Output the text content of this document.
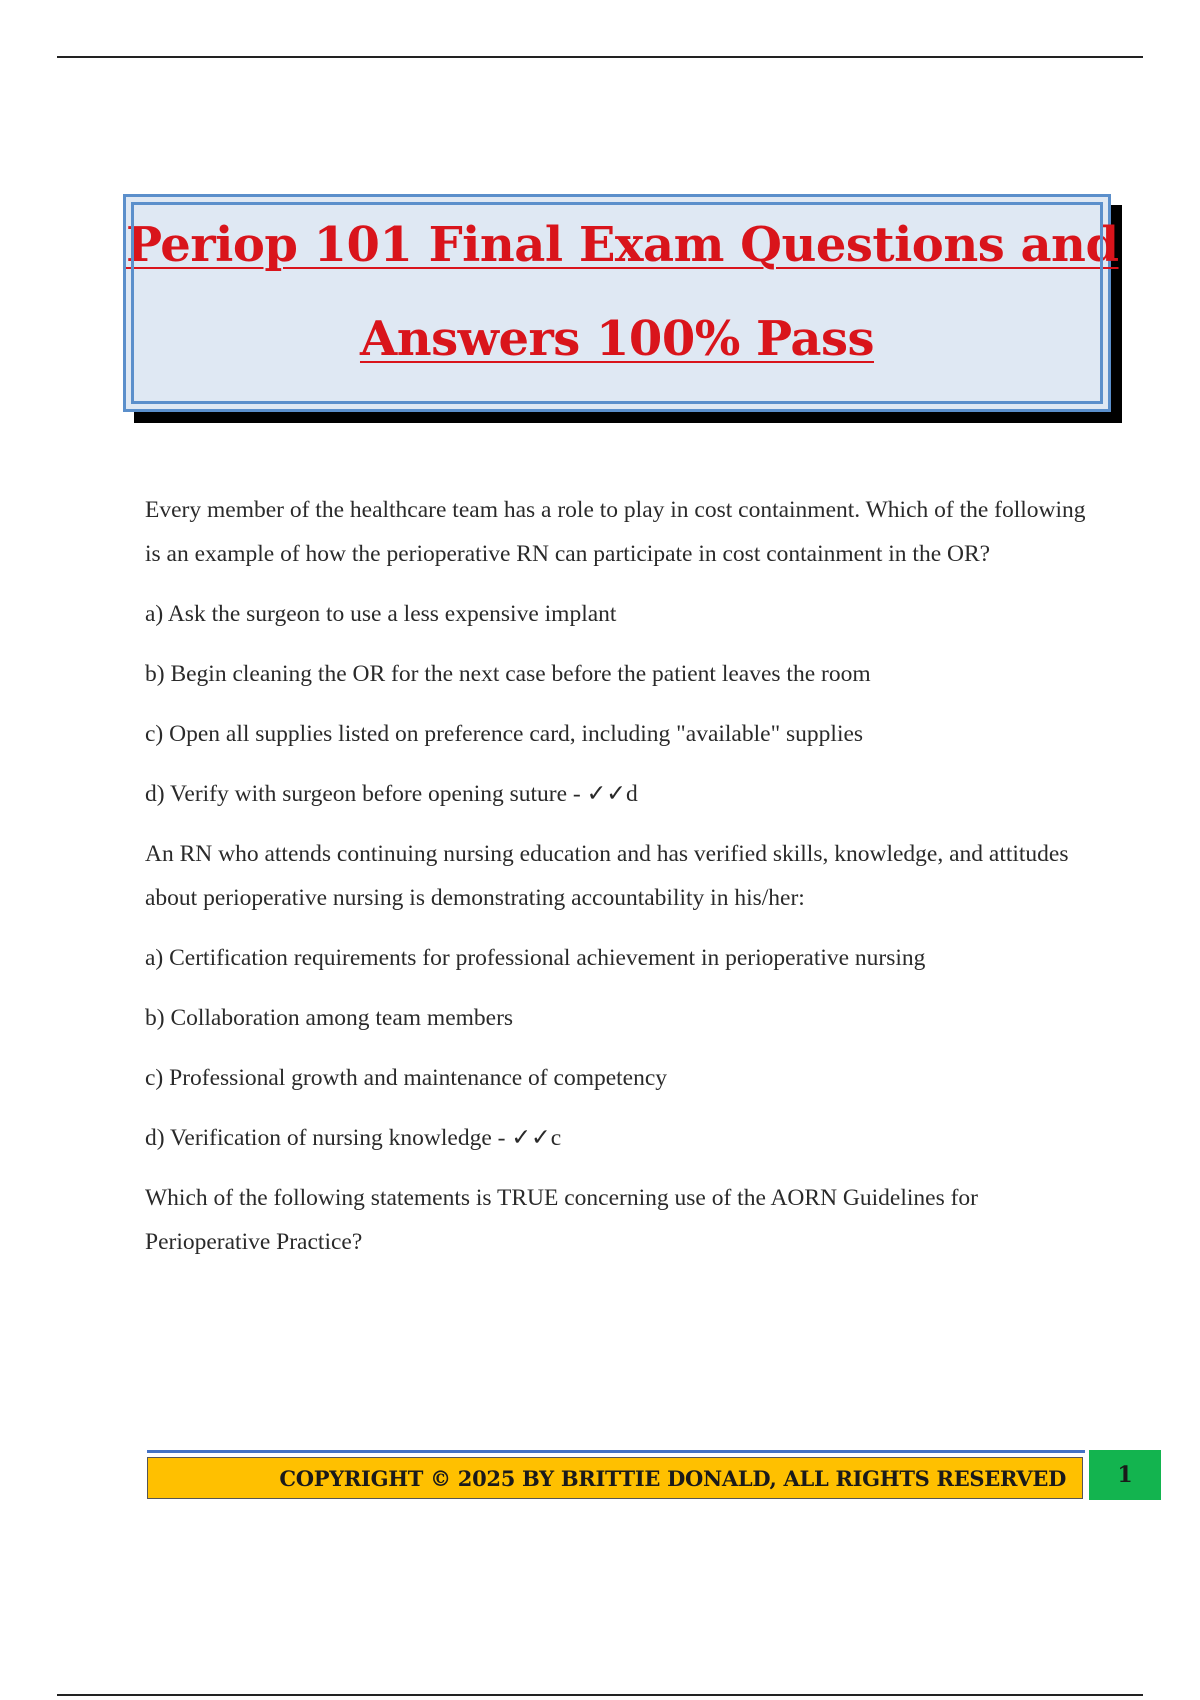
Periop 101 Final Exam Questions and
Answers 100% Pass

Every member of the healthcare team has a role to play in cost containment. Which of the following is an example of how the perioperative RN can participate in cost containment in the OR?

a) Ask the surgeon to use a less expensive implant

b) Begin cleaning the OR for the next case before the patient leaves the room

c) Open all supplies listed on preference card, including "available" supplies

d) Verify with surgeon before opening suture - ✓✓d

An RN who attends continuing nursing education and has verified skills, knowledge, and attitudes about perioperative nursing is demonstrating accountability in his/her:

a) Certification requirements for professional achievement in perioperative nursing

b) Collaboration among team members

c) Professional growth and maintenance of competency

d) Verification of nursing knowledge - ✓✓c

Which of the following statements is TRUE concerning use of the AORN Guidelines for Perioperative Practice?

COPYRIGHT © 2025 BY BRITTIE DONALD, ALL RIGHTS RESERVED	1
